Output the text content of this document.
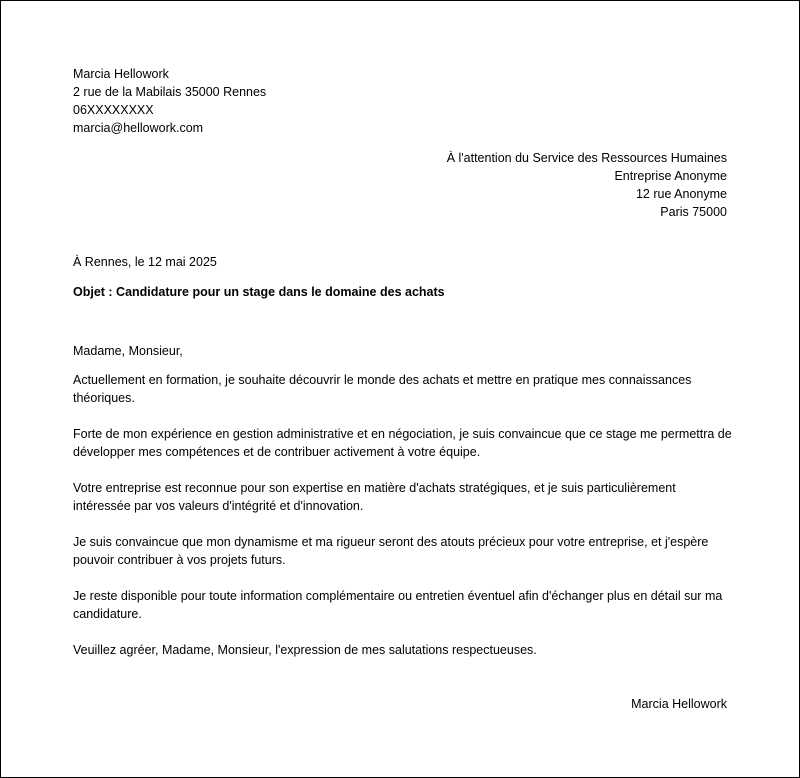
Marcia Hellowork
2 rue de la Mabilais 35000 Rennes
06XXXXXXXX
marcia@hellowork.com
À l'attention du Service des Ressources Humaines
Entreprise Anonyme
12 rue Anonyme
Paris 75000
À Rennes, le 12 mai 2025
Objet : Candidature pour un stage dans le domaine des achats
Madame, Monsieur,

Actuellement en formation, je souhaite découvrir le monde des achats et mettre en pratique mes connaissances théoriques.

Forte de mon expérience en gestion administrative et en négociation, je suis convaincue que ce stage me permettra de développer mes compétences et de contribuer activement à votre équipe.

Votre entreprise est reconnue pour son expertise en matière d'achats stratégiques, et je suis particulièrement intéressée par vos valeurs d'intégrité et d'innovation.

Je suis convaincue que mon dynamisme et ma rigueur seront des atouts précieux pour votre entreprise, et j'espère pouvoir contribuer à vos projets futurs.

Je reste disponible pour toute information complémentaire ou entretien éventuel afin d'échanger plus en détail sur ma candidature.

Veuillez agréer, Madame, Monsieur, l'expression de mes salutations respectueuses.

Marcia Hellowork
